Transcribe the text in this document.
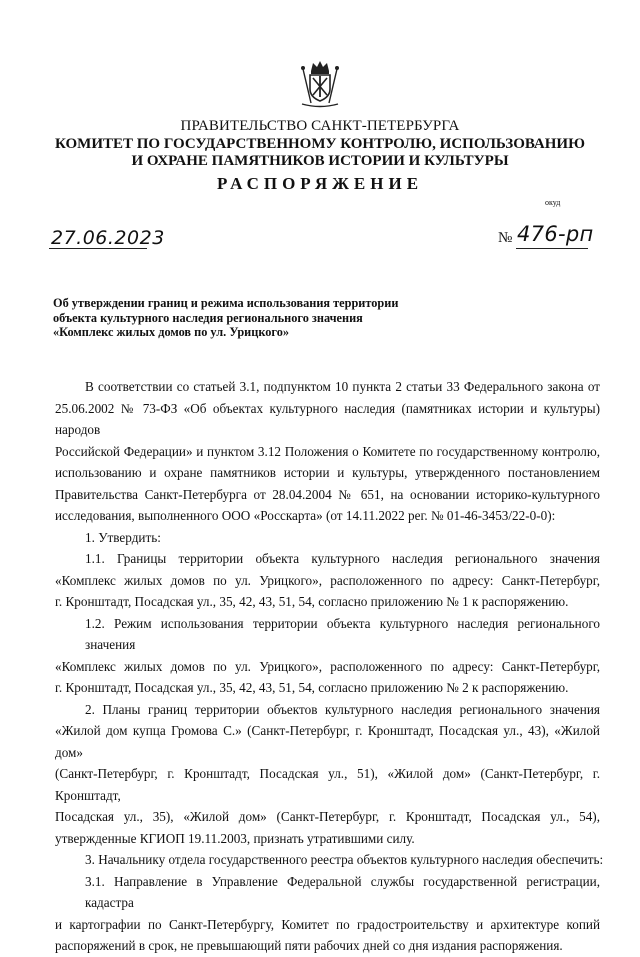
ПРАВИТЕЛЬСТВО САНКТ-ПЕТЕРБУРГА
КОМИТЕТ ПО ГОСУДАРСТВЕННОМУ КОНТРОЛЮ, ИСПОЛЬЗОВАНИЮ
И ОХРАНЕ ПАМЯТНИКОВ ИСТОРИИ И КУЛЬТУРЫ
РАСПОРЯЖЕНИЕ
окуд
27.06.2023	№ 476-рп
Об утверждении границ и режима использования территории
объекта культурного наследия регионального значения
«Комплекс жилых домов по ул. Урицкого»
В соответствии со статьей 3.1, подпунктом 10 пункта 2 статьи 33 Федерального закона от
25.06.2002 № 73-ФЗ «Об объектах культурного наследия (памятниках истории и культуры) народов
Российской Федерации» и пунктом 3.12 Положения о Комитете по государственному контролю,
использованию и охране памятников истории и культуры, утвержденного постановлением
Правительства Санкт-Петербурга от 28.04.2004 № 651, на основании историко-культурного
исследования, выполненного ООО «Росскарта» (от 14.11.2022 рег. № 01-46-3453/22-0-0):
1. Утвердить:
1.1. Границы территории объекта культурного наследия регионального значения
«Комплекс жилых домов по ул. Урицкого», расположенного по адресу: Санкт-Петербург,
г. Кронштадт, Посадская ул., 35, 42, 43, 51, 54, согласно приложению № 1 к распоряжению.
1.2. Режим использования территории объекта культурного наследия регионального значения
«Комплекс жилых домов по ул. Урицкого», расположенного по адресу: Санкт-Петербург,
г. Кронштадт, Посадская ул., 35, 42, 43, 51, 54, согласно приложению № 2 к распоряжению.
2. Планы границ территории объектов культурного наследия регионального значения
«Жилой дом купца Громова С.» (Санкт-Петербург, г. Кронштадт, Посадская ул., 43), «Жилой дом»
(Санкт-Петербург, г. Кронштадт, Посадская ул., 51), «Жилой дом» (Санкт-Петербург, г. Кронштадт,
Посадская ул., 35), «Жилой дом» (Санкт-Петербург, г. Кронштадт, Посадская ул., 54),
утвержденные КГИОП 19.11.2003, признать утратившими силу.
3. Начальнику отдела государственного реестра объектов культурного наследия обеспечить:
3.1. Направление в Управление Федеральной службы государственной регистрации, кадастра
и картографии по Санкт-Петербургу, Комитет по градостроительству и архитектуре копий
распоряжений в срок, не превышающий пяти рабочих дней со дня издания распоряжения.
